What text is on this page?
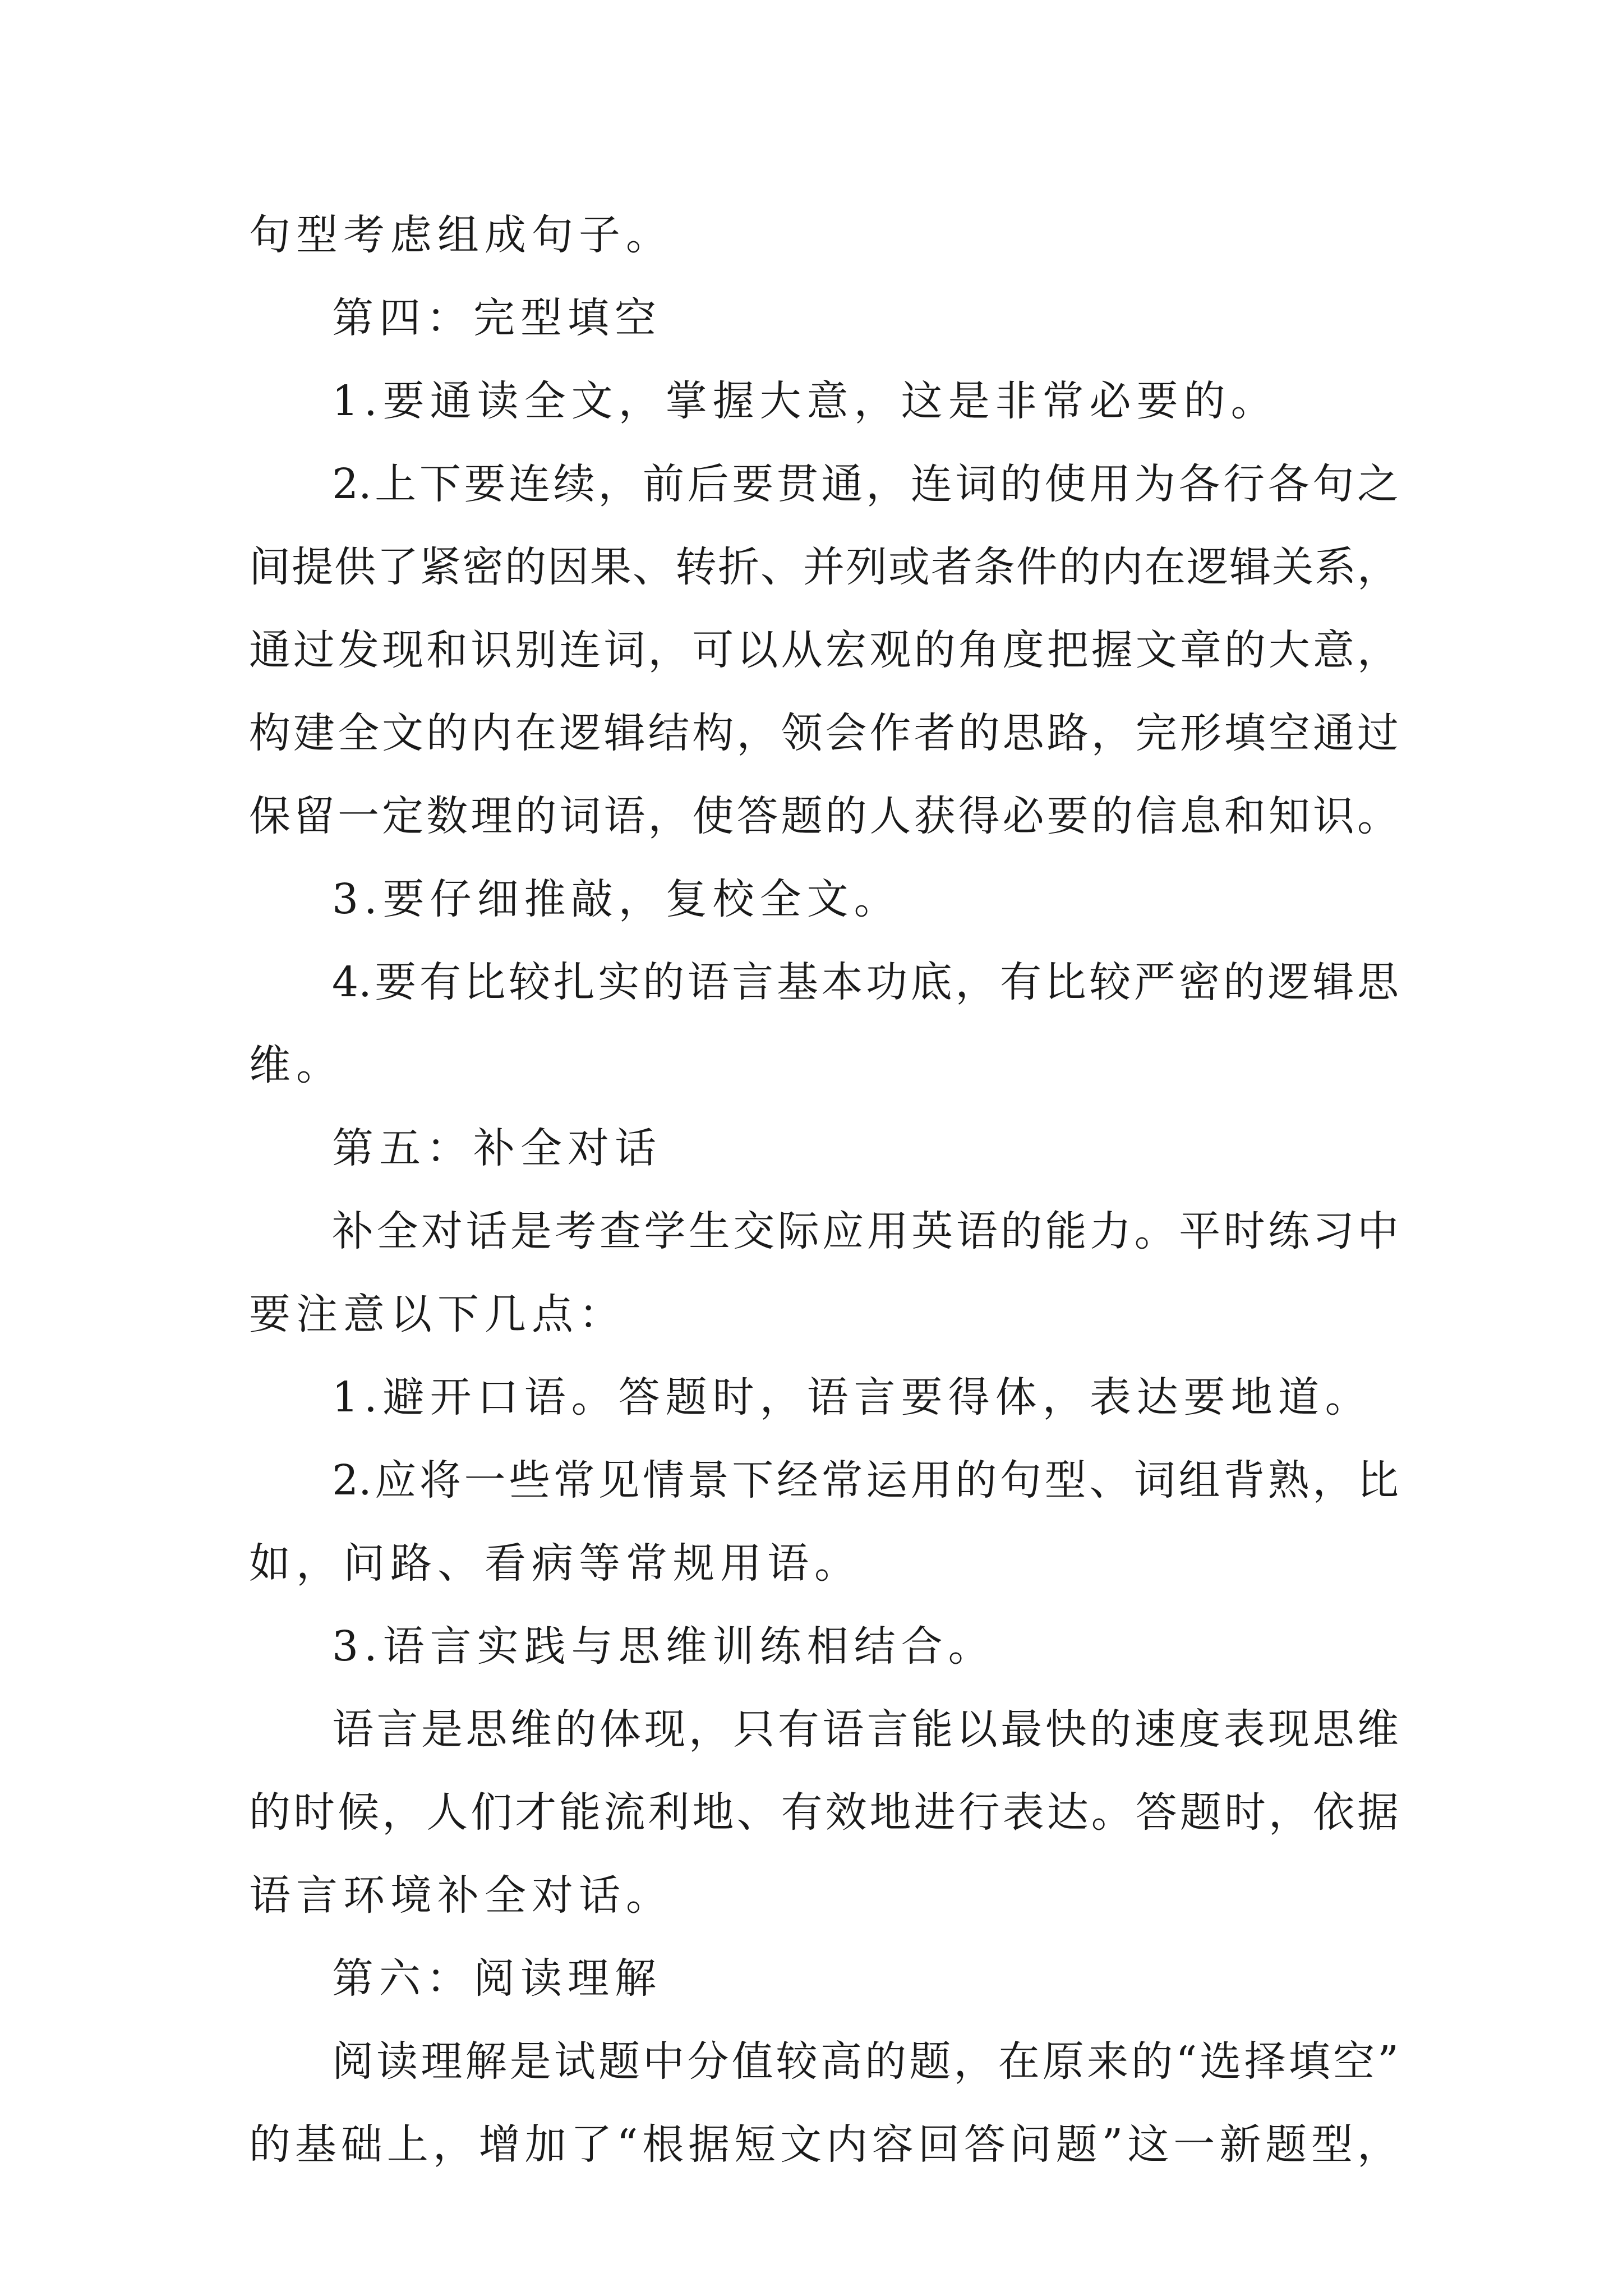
句型考虑组成句子。
第四：完型填空
1.要通读全文，掌握大意，这是非常必要的。
2.上下要连续，前后要贯通，连词的使用为各行各句之
间提供了紧密的因果、转折、并列或者条件的内在逻辑关系，
通过发现和识别连词，可以从宏观的角度把握文章的大意，
构建全文的内在逻辑结构，领会作者的思路，完形填空通过
保留一定数理的词语，使答题的人获得必要的信息和知识。
3.要仔细推敲，复校全文。
4.要有比较扎实的语言基本功底，有比较严密的逻辑思
维。
第五：补全对话
补全对话是考查学生交际应用英语的能力。平时练习中
要注意以下几点：
1.避开口语。答题时，语言要得体，表达要地道。
2.应将一些常见情景下经常运用的句型、词组背熟，比
如，问路、看病等常规用语。
3.语言实践与思维训练相结合。
语言是思维的体现，只有语言能以最快的速度表现思维
的时候，人们才能流利地、有效地进行表达。答题时，依据
语言环境补全对话。
第六：阅读理解
阅读理解是试题中分值较高的题，在原来的“选择填空”
的基础上，增加了“根据短文内容回答问题”这一新题型，
